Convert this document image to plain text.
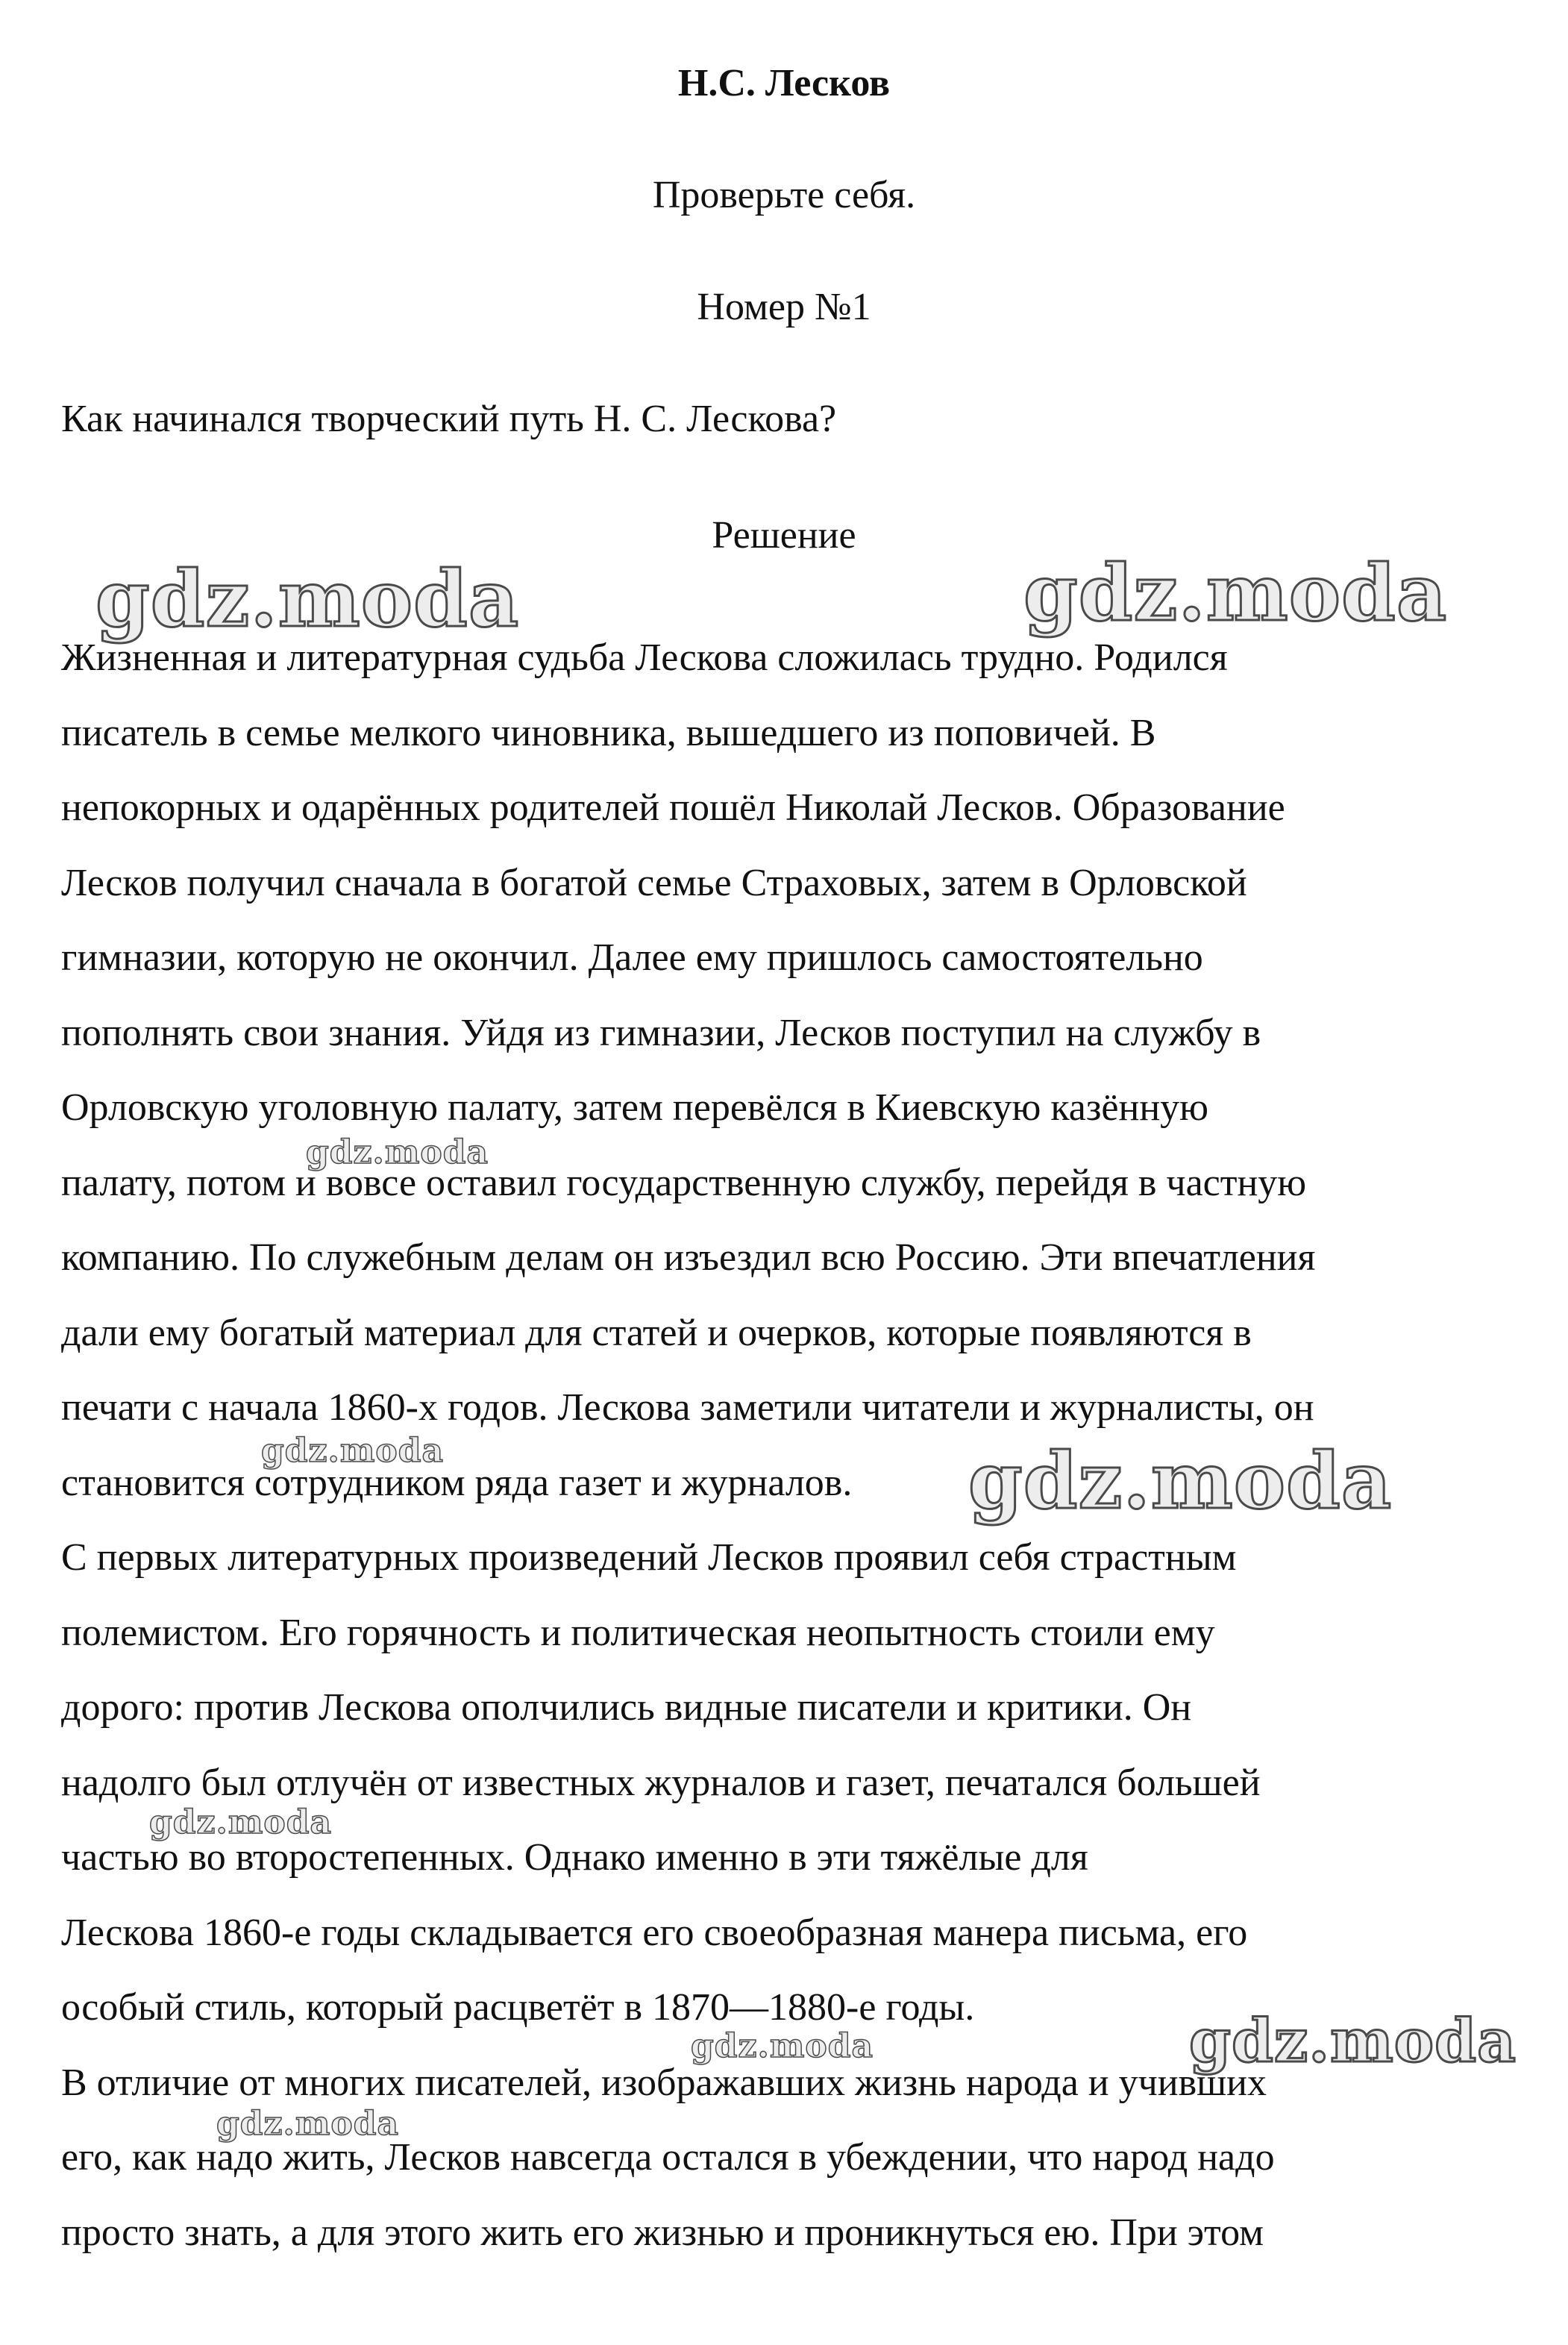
Н.С. Лесков
Проверьте себя.
Номер №1
Как начинался творческий путь Н. С. Лескова?
Решение
Жизненная и литературная судьба Лескова сложилась трудно. Родился
писатель в семье мелкого чиновника, вышедшего из поповичей. В
непокорных и одарённых родителей пошёл Николай Лесков. Образование
Лесков получил сначала в богатой семье Страховых, затем в Орловской
гимназии, которую не окончил. Далее ему пришлось самостоятельно
пополнять свои знания. Уйдя из гимназии, Лесков поступил на службу в
Орловскую уголовную палату, затем перевёлся в Киевскую казённую
палату, потом и вовсе оставил государственную службу, перейдя в частную
компанию. По служебным делам он изъездил всю Россию. Эти впечатления
дали ему богатый материал для статей и очерков, которые появляются в
печати с начала 1860-х годов. Лескова заметили читатели и журналисты, он
становится сотрудником ряда газет и журналов.
С первых литературных произведений Лесков проявил себя страстным
полемистом. Его горячность и политическая неопытность стоили ему
дорого: против Лескова ополчились видные писатели и критики. Он
надолго был отлучён от известных журналов и газет, печатался большей
частью во второстепенных. Однако именно в эти тяжёлые для
Лескова 1860-е годы складывается его своеобразная манера письма, его
особый стиль, который расцветёт в 1870—1880-е годы.
В отличие от многих писателей, изображавших жизнь народа и учивших
его, как надо жить, Лесков навсегда остался в убеждении, что народ надо
просто знать, а для этого жить его жизнью и проникнуться ею. При этом
gdz.moda	gdz.moda
gdz.moda
gdz.moda	gdz.moda
gdz.moda
gdz.moda	gdz.moda
gdz.moda
